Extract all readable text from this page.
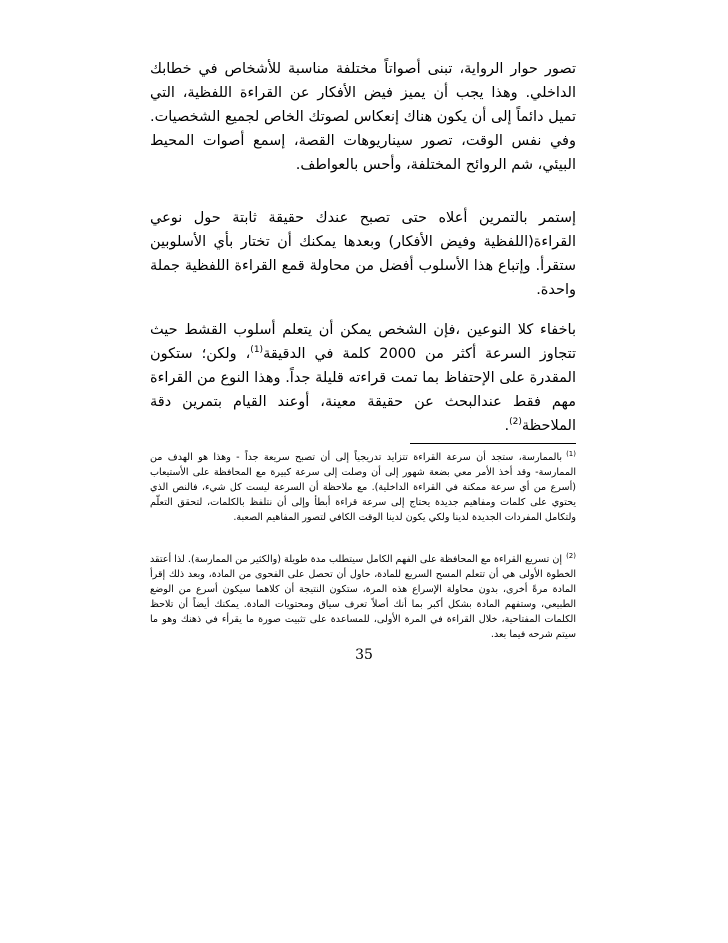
تصور حوار الرواية، تبنى أصواتاً مختلفة مناسبة للأشخاص في خطابك الداخلي. وهذا يجب أن يميز فيض الأفكار عن القراءة اللفظية، التي تميل دائماً إلى أن يكون هناك إنعكاس لصوتك الخاص لجميع الشخصيات. وفي نفس الوقت، تصور سيناريوهات القصة، إسمع أصوات المحيط البيئي، شم الروائح المختلفة، وأحس بالعواطف.

إستمر بالتمرين أعلاه حتى تصبح عندك حقيقة ثابتة حول نوعي القراءة(اللفظية وفيض الأفكار) وبعدها يمكنك أن تختار بأي الأسلوبين ستقرأ. وإتباع هذا الأسلوب أفضل من محاولة قمع القراءة اللفظية جملة واحدة.

باخفاء كلا النوعين ،فإن الشخص يمكن أن يتعلم أسلوب القشط حيث تتجاوز السرعة أكثر من 2000 كلمة في الدقيقة$^{(1)}$، ولكن؛ ستكون المقدرة على الإحتفاظ بما تمت قراءته قليلة جداً. وهذا النوع من القراءة مهم فقط عندالبحث عن حقيقة معينة، أوعند القيام بتمرين دقة الملاحظة$^{(2)}$.

$^{(1)}$بالممارسة، ستجد أن سرعة القراءة تتزايد تدريجياً إلى أن تصبح سريعة جداً - وهذا هو الهدف من الممارسة- وقد أخذ الأمر معي بضعة شهور إلى أن وصلت إلى سرعة كبيرة مع المحافظة على الأستيعاب (أسرع من أي سرعة ممكنة في القراءة الداخلية). مع ملاحظة أن السرعة ليست كل شيء، فالنص الذي يحتوي على كلمات ومفاهيم جديدة يحتاج إلى سرعة قراءة أبطأ وإلى أن نتلفظ بالكلمات، لتحقق التعلّم ولتكامل المفردات الجديدة لدينا ولكي يكون لدينا الوقت الكافي لتصور المفاهيم الصعبة.

$^{(2)}$إن تسريع القراءة مع المحافظة على الفهم الكامل سيتطلب مدة طويلة (والكثير من الممارسة). لذا أعتقد الخطوة الأولى هي أن تتعلم المسح السريع للمادة، حاول أن تحصل على الفحوى من المادة، وبعد ذلك إقرأ المادة مرةً أخرى، بدون محاولة الإسراع هذه المرة، ستكون النتيجة أن كلاهما سيكون أسرع من الوضع الطبيعي، وستفهم المادة بشكل أكبر بما أنك أصلاً تعرف سياق ومحتويات المادة. يمكنك أيضاً أن تلاحظ الكلمات المفتاحية، خلال القراءة في المرة الأولى، للمساعدة على تثبيت صورة ما يقرأء في ذهنك وهو ما سيتم شرحه فيما بعد.

35
